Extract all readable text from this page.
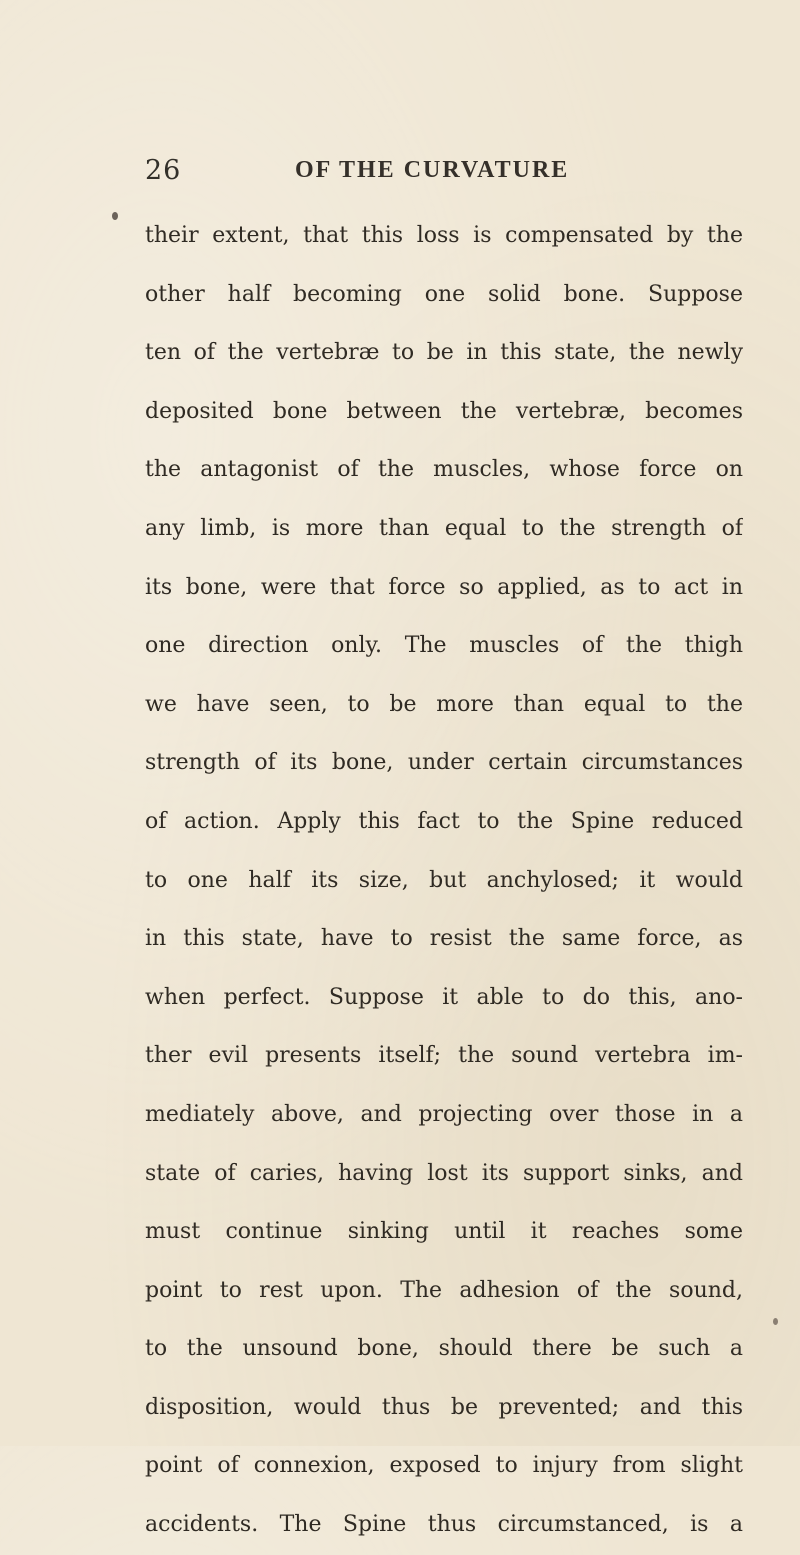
26	OF THE CURVATURE
their extent, that this loss is compensated by the
other half becoming one solid bone. Suppose
ten of the vertebræ to be in this state, the newly
deposited bone between the vertebræ, becomes
the antagonist of the muscles, whose force on
any limb, is more than equal to the strength of
its bone, were that force so applied, as to act in
one direction only. The muscles of the thigh
we have seen, to be more than equal to the
strength of its bone, under certain circumstances
of action. Apply this fact to the Spine reduced
to one half its size, but anchylosed; it would
in this state, have to resist the same force, as
when perfect. Suppose it able to do this, ano-
ther evil presents itself; the sound vertebra im-
mediately above, and projecting over those in a
state of caries, having lost its support sinks, and
must continue sinking until it reaches some
point to rest upon. The adhesion of the sound,
to the unsound bone, should there be such a
disposition, would thus be prevented; and this
point of connexion, exposed to injury from slight
accidents. The Spine thus circumstanced, is a
